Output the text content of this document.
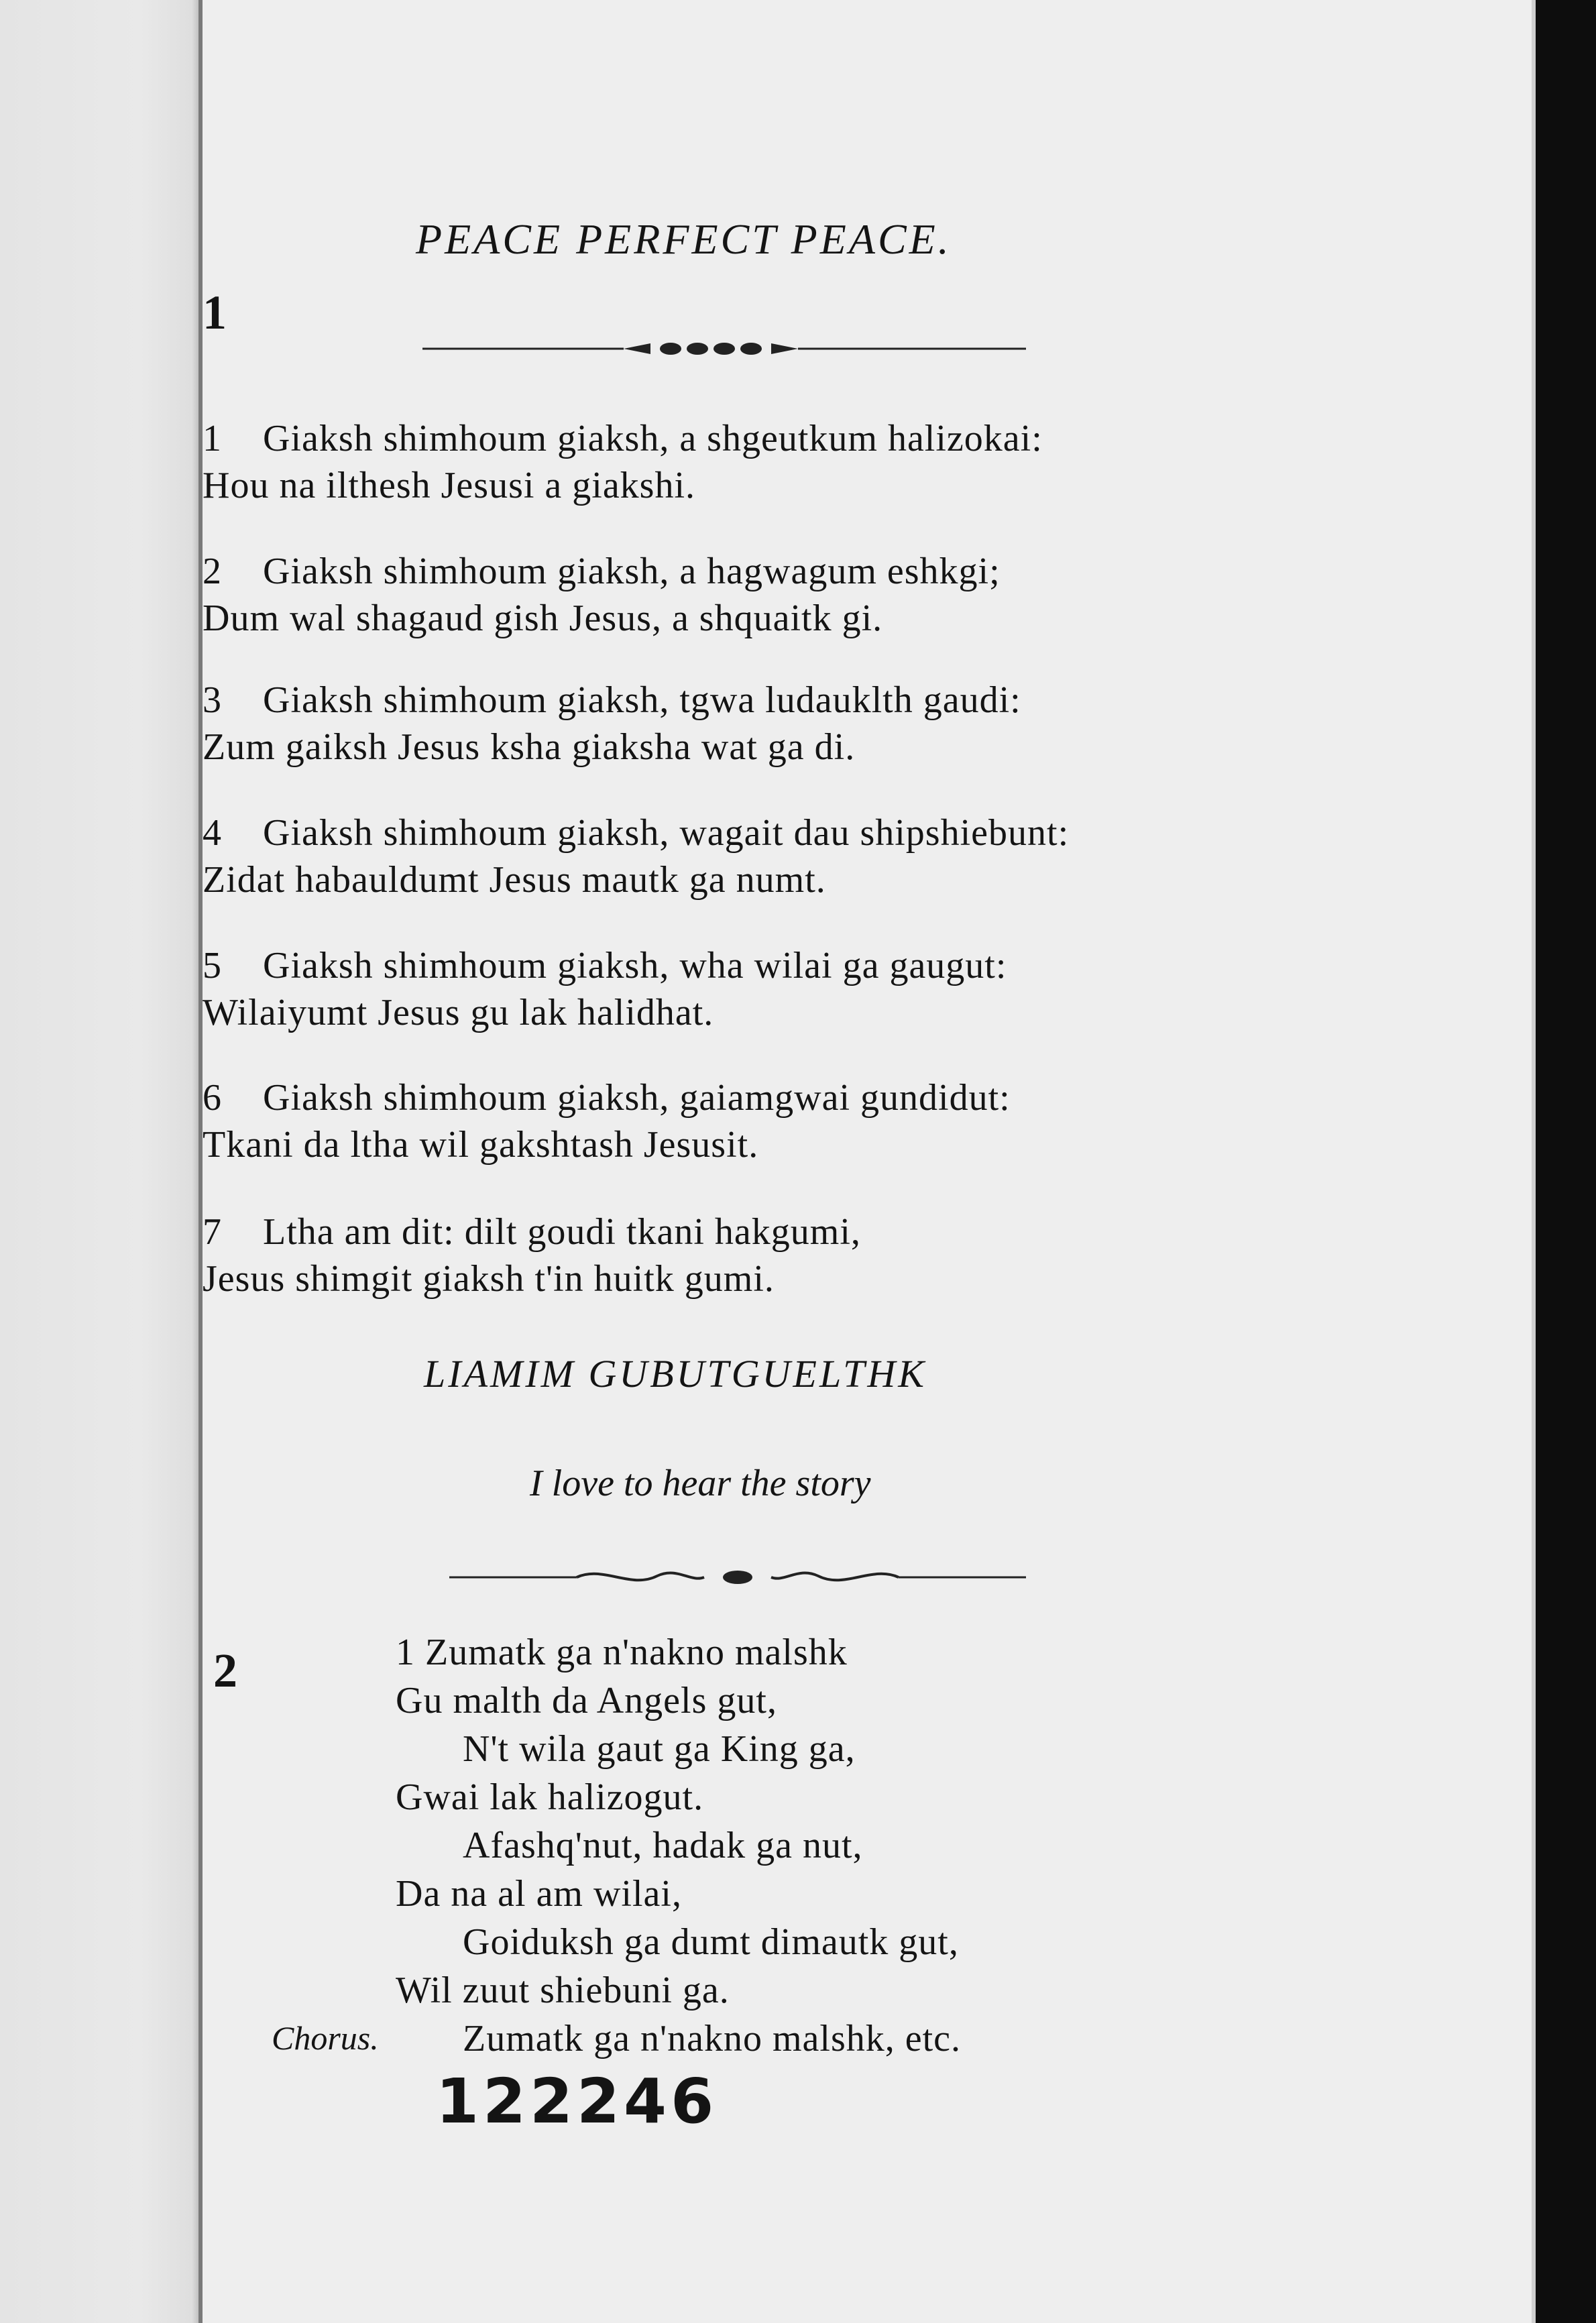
PEACE PERFECT PEACE.
1
1 Giaksh shimhoum giaksh, a shgeutkum halizokai:
Hou na ilthesh Jesusi a giakshi.
2 Giaksh shimhoum giaksh, a hagwagum eshkgi;
Dum wal shagaud gish Jesus, a shquaitk gi.
3 Giaksh shimhoum giaksh, tgwa ludauklth gaudi:
Zum gaiksh Jesus ksha giaksha wat ga di.
4 Giaksh shimhoum giaksh, wagait dau shipshiebunt:
Zidat habauldumt Jesus mautk ga numt.
5 Giaksh shimhoum giaksh, wha wilai ga gaugut:
Wilaiyumt Jesus gu lak halidhat.
6 Giaksh shimhoum giaksh, gaiamgwai gundidut:
Tkani da ltha wil gakshtash Jesusit.
7 Ltha am dit: dilt goudi tkani hakgumi,
Jesus shimgit giaksh t'in huitk gumi.
LIAMIM GUBUTGUELTHK
I love to hear the story
2	1 Zumatk ga n'nakno malshk
Gu malth da Angels gut,
N't wila gaut ga King ga,
Gwai lak halizogut.
Afashq'nut, hadak ga nut,
Da na al am wilai,
Goiduksh ga dumt dimautk gut,
Wil zuut shiebuni ga.
Chorus. Zumatk ga n'nakno malshk, etc.
122246
